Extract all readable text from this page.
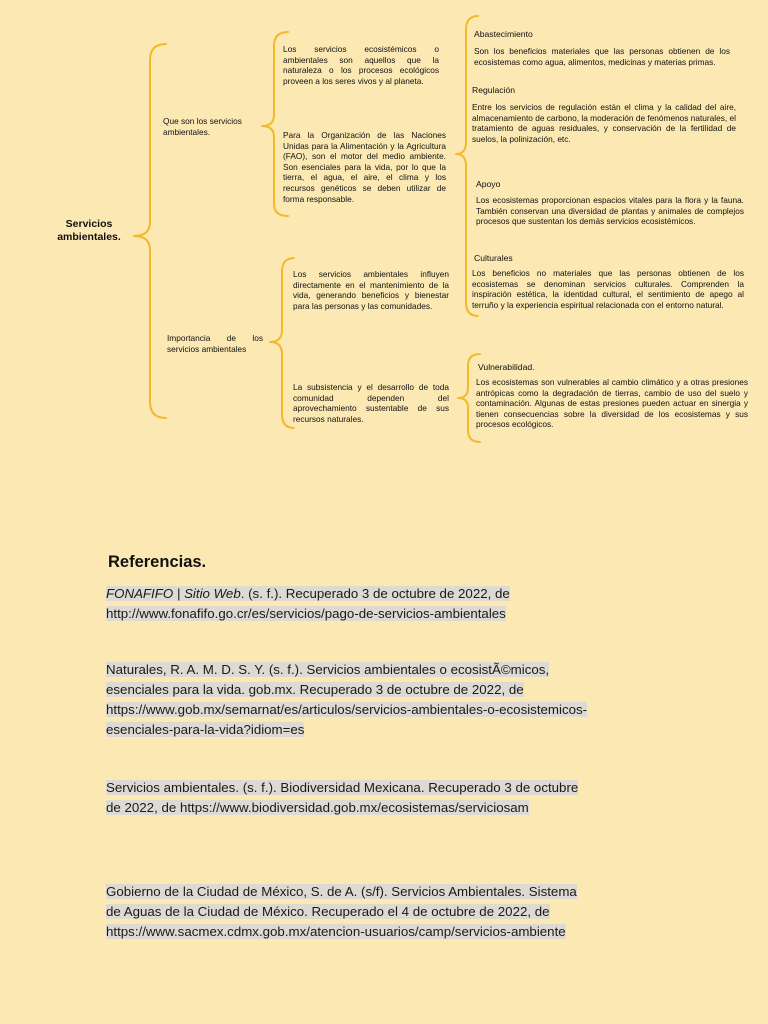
Servicios ambientales.

Que son los servicios ambientales.

Los servicios ecosistémicos o ambientales son aquellos que la naturaleza o los procesos ecológicos proveen a los seres vivos y al planeta.

Para la Organización de las Naciones Unidas para la Alimentación y la Agricultura (FAO), son el motor del medio ambiente. Son esenciales para la vida, por lo que la tierra, el agua, el aire, el clima y los recursos genéticos se deben utilizar de forma responsable.

Abastecimiento

Son los beneficios materiales que las personas obtienen de los ecosistemas como agua, alimentos, medicinas y materias primas.

Regulación

Entre los servicios de regulación están el clima y la calidad del aire, almacenamiento de carbono, la moderación de fenómenos naturales, el tratamiento de aguas residuales, y conservación de la fertilidad de suelos, la polinización, etc.

Apoyo

Los ecosistemas proporcionan espacios vitales para la flora y la fauna. También conservan una diversidad de plantas y animales de complejos procesos que sustentan los demás servicios ecosistémicos.

Culturales

Los beneficios no materiales que las personas obtienen de los ecosistemas se denominan servicios culturales. Comprenden la inspiración estética, la identidad cultural, el sentimiento de apego al terruño y la experiencia espiritual relacionada con el entorno natural.

Importancia de los servicios ambientales

Los servicios ambientales influyen directamente en el mantenimiento de la vida, generando beneficios y bienestar para las personas y las comunidades.

La subsistencia y el desarrollo de toda comunidad dependen del aprovechamiento sustentable de sus recursos naturales.

Vulnerabilidad.

Los ecosistemas son vulnerables al cambio climático y a otras presiones antrópicas como la degradación de tierras, cambio de uso del suelo y contaminación. Algunas de estas presiones pueden actuar en sinergia y tienen consecuencias sobre la diversidad de los ecosistemas y sus procesos ecológicos.

Referencias.

FONAFIFO | Sitio Web. (s. f.). Recuperado 3 de octubre de 2022, de
http://www.fonafifo.go.cr/es/servicios/pago-de-servicios-ambientales
Naturales, R. A. M. D. S. Y. (s. f.). Servicios ambientales o ecosistÃ©micos,
esenciales para la vida. gob.mx. Recuperado 3 de octubre de 2022, de
https://www.gob.mx/semarnat/es/articulos/servicios-ambientales-o-ecosistemicos-
esenciales-para-la-vida?idiom=es
Servicios ambientales. (s. f.). Biodiversidad Mexicana. Recuperado 3 de octubre
de 2022, de https://www.biodiversidad.gob.mx/ecosistemas/serviciosam
Gobierno de la Ciudad de México, S. de A. (s/f). Servicios Ambientales. Sistema
de Aguas de la Ciudad de México. Recuperado el 4 de octubre de 2022, de
https://www.sacmex.cdmx.gob.mx/atencion-usuarios/camp/servicios-ambiente
